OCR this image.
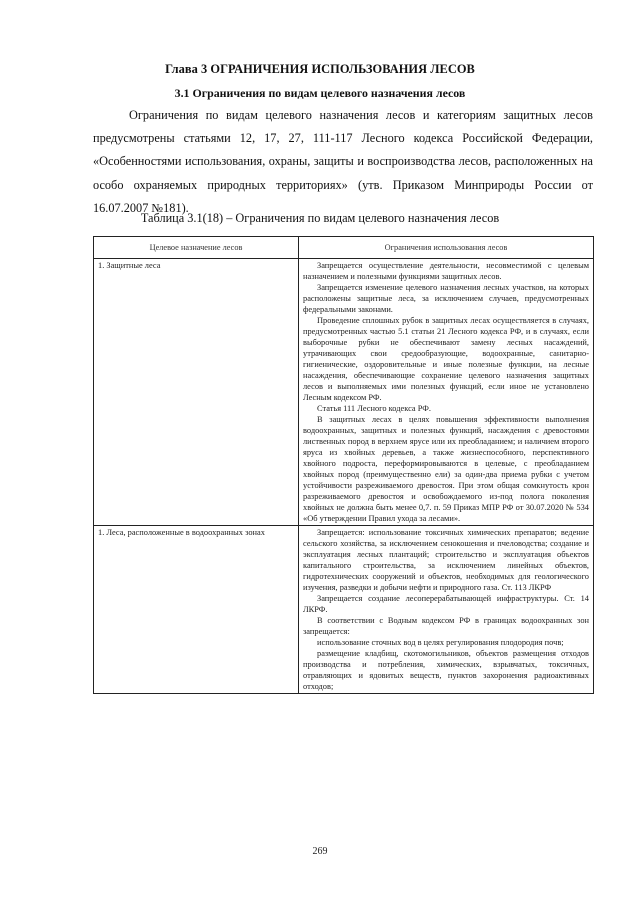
Глава 3 ОГРАНИЧЕНИЯ ИСПОЛЬЗОВАНИЯ ЛЕСОВ
3.1 Ограничения по видам целевого назначения лесов

Ограничения по видам целевого назначения лесов и категориям защитных лесов предусмотрены статьями 12, 17, 27, 111-117 Лесного кодекса Российской Федерации, «Особенностями использования, охраны, защиты и воспроизводства лесов, расположенных на особо охраняемых природных территориях» (утв. Приказом Минприроды России от 16.07.2007 №181).

Таблица 3.1(18) – Ограничения по видам целевого назначения лесов
Целевое назначение лесов	Ограничения использования лесов
1. Защитные леса	Запрещается осуществление деятельности, несовместимой с целевым назначением и полезными функциями защитных лесов.

Запрещается изменение целевого назначения лесных участков, на которых расположены защитные леса, за исключением случаев, предусмотренных федеральными законами.

Проведение сплошных рубок в защитных лесах осуществляется в случаях, предусмотренных частью 5.1 статьи 21 Лесного кодекса РФ, и в случаях, если выборочные рубки не обеспечивают замену лесных насаждений, утрачивающих свои средообразующие, водоохранные, санитарно-гигиенические, оздоровительные и иные полезные функции, на лесные насаждения, обеспечивающие сохранение целевого назначения защитных лесов и выполняемых ими полезных функций, если иное не установлено Лесным кодексом РФ.

Статья 111 Лесного кодекса РФ.

В защитных лесах в целях повышения эффективности выполнения водоохранных, защитных и полезных функций, насаждения с древостоями лиственных пород в верхнем ярусе или их преобладанием; и наличием второго яруса из хвойных деревьев, а также жизнеспособного, перспективного хвойного подроста, переформировываются в целевые, с преобладанием хвойных пород (преимущественно ели) за один-два приема рубки с учетом устойчивости разреживаемого древостоя. При этом общая сомкнутость крон разреживаемого древостоя и освобождаемого из-под полога поколения хвойных не должна быть менее 0,7. п. 59 Приказ МПР РФ от 30.07.2020 № 534 «Об утверждении Правил ухода за лесами».

1. Леса, расположенные в водоохранных зонах	Запрещается: использование токсичных химических препаратов; ведение сельского хозяйства, за исключением сенокошения и пчеловодства; создание и эксплуатация лесных плантаций; строительство и эксплуатация объектов капитального строительства, за исключением линейных объектов, гидротехнических сооружений и объектов, необходимых для геологического изучения, разведки и добычи нефти и природного газа. Ст. 113 ЛКРФ

Запрещается создание лесоперерабатывающей инфраструктуры. Ст. 14 ЛКРФ.

В соответствии с Водным кодексом РФ в границах водоохранных зон запрещается:

использование сточных вод в целях регулирования плодородия почв;

размещение кладбищ, скотомогильников, объектов размещения отходов производства и потребления, химических, взрывчатых, токсичных, отравляющих и ядовитых веществ, пунктов захоронения радиоактивных отходов;

269
